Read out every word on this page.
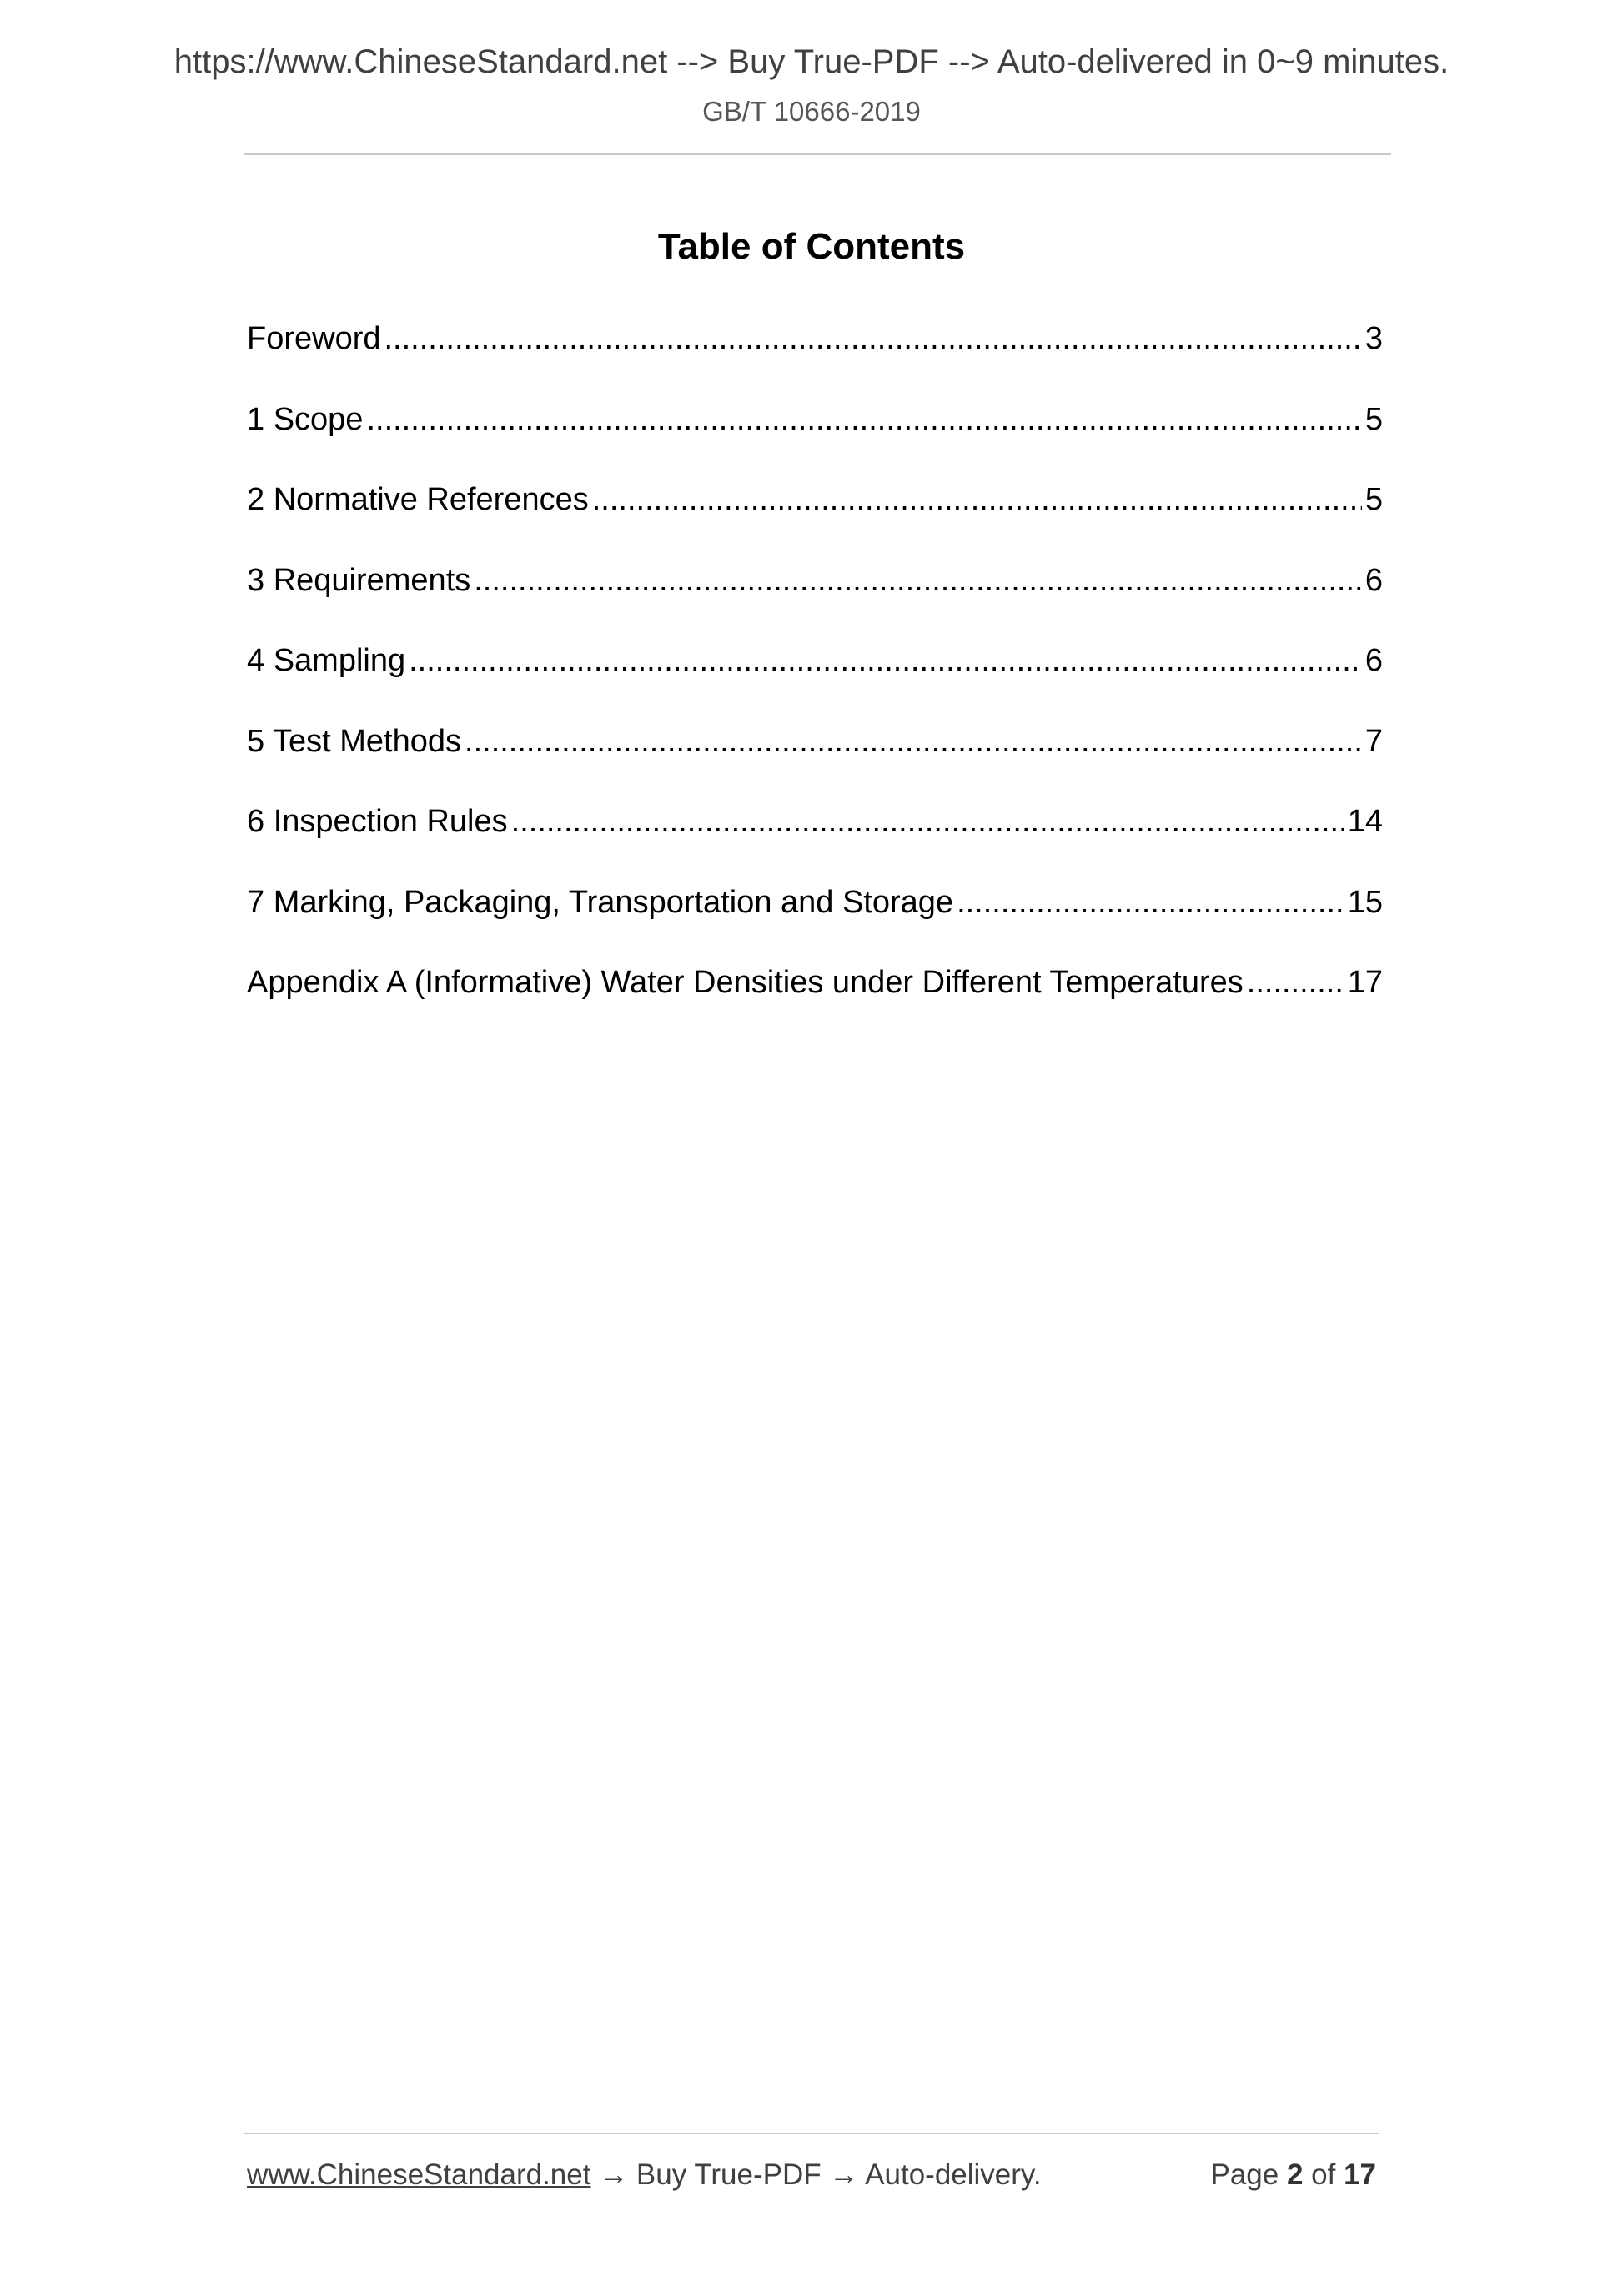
https://www.ChineseStandard.net --> Buy True-PDF --> Auto-delivered in 0~9 minutes.
GB/T 10666-2019
Table of Contents
Foreword .....	3
1 Scope .....	5
2 Normative References .....	5
3 Requirements .....	6
4 Sampling .....	6
5 Test Methods .....	7
6 Inspection Rules .....	14
7 Marking, Packaging, Transportation and Storage .....	15
Appendix A (Informative) Water Densities under Different Temperatures .....	17
www.ChineseStandard.net → Buy True-PDF → Auto-delivery.	Page 2 of 17
